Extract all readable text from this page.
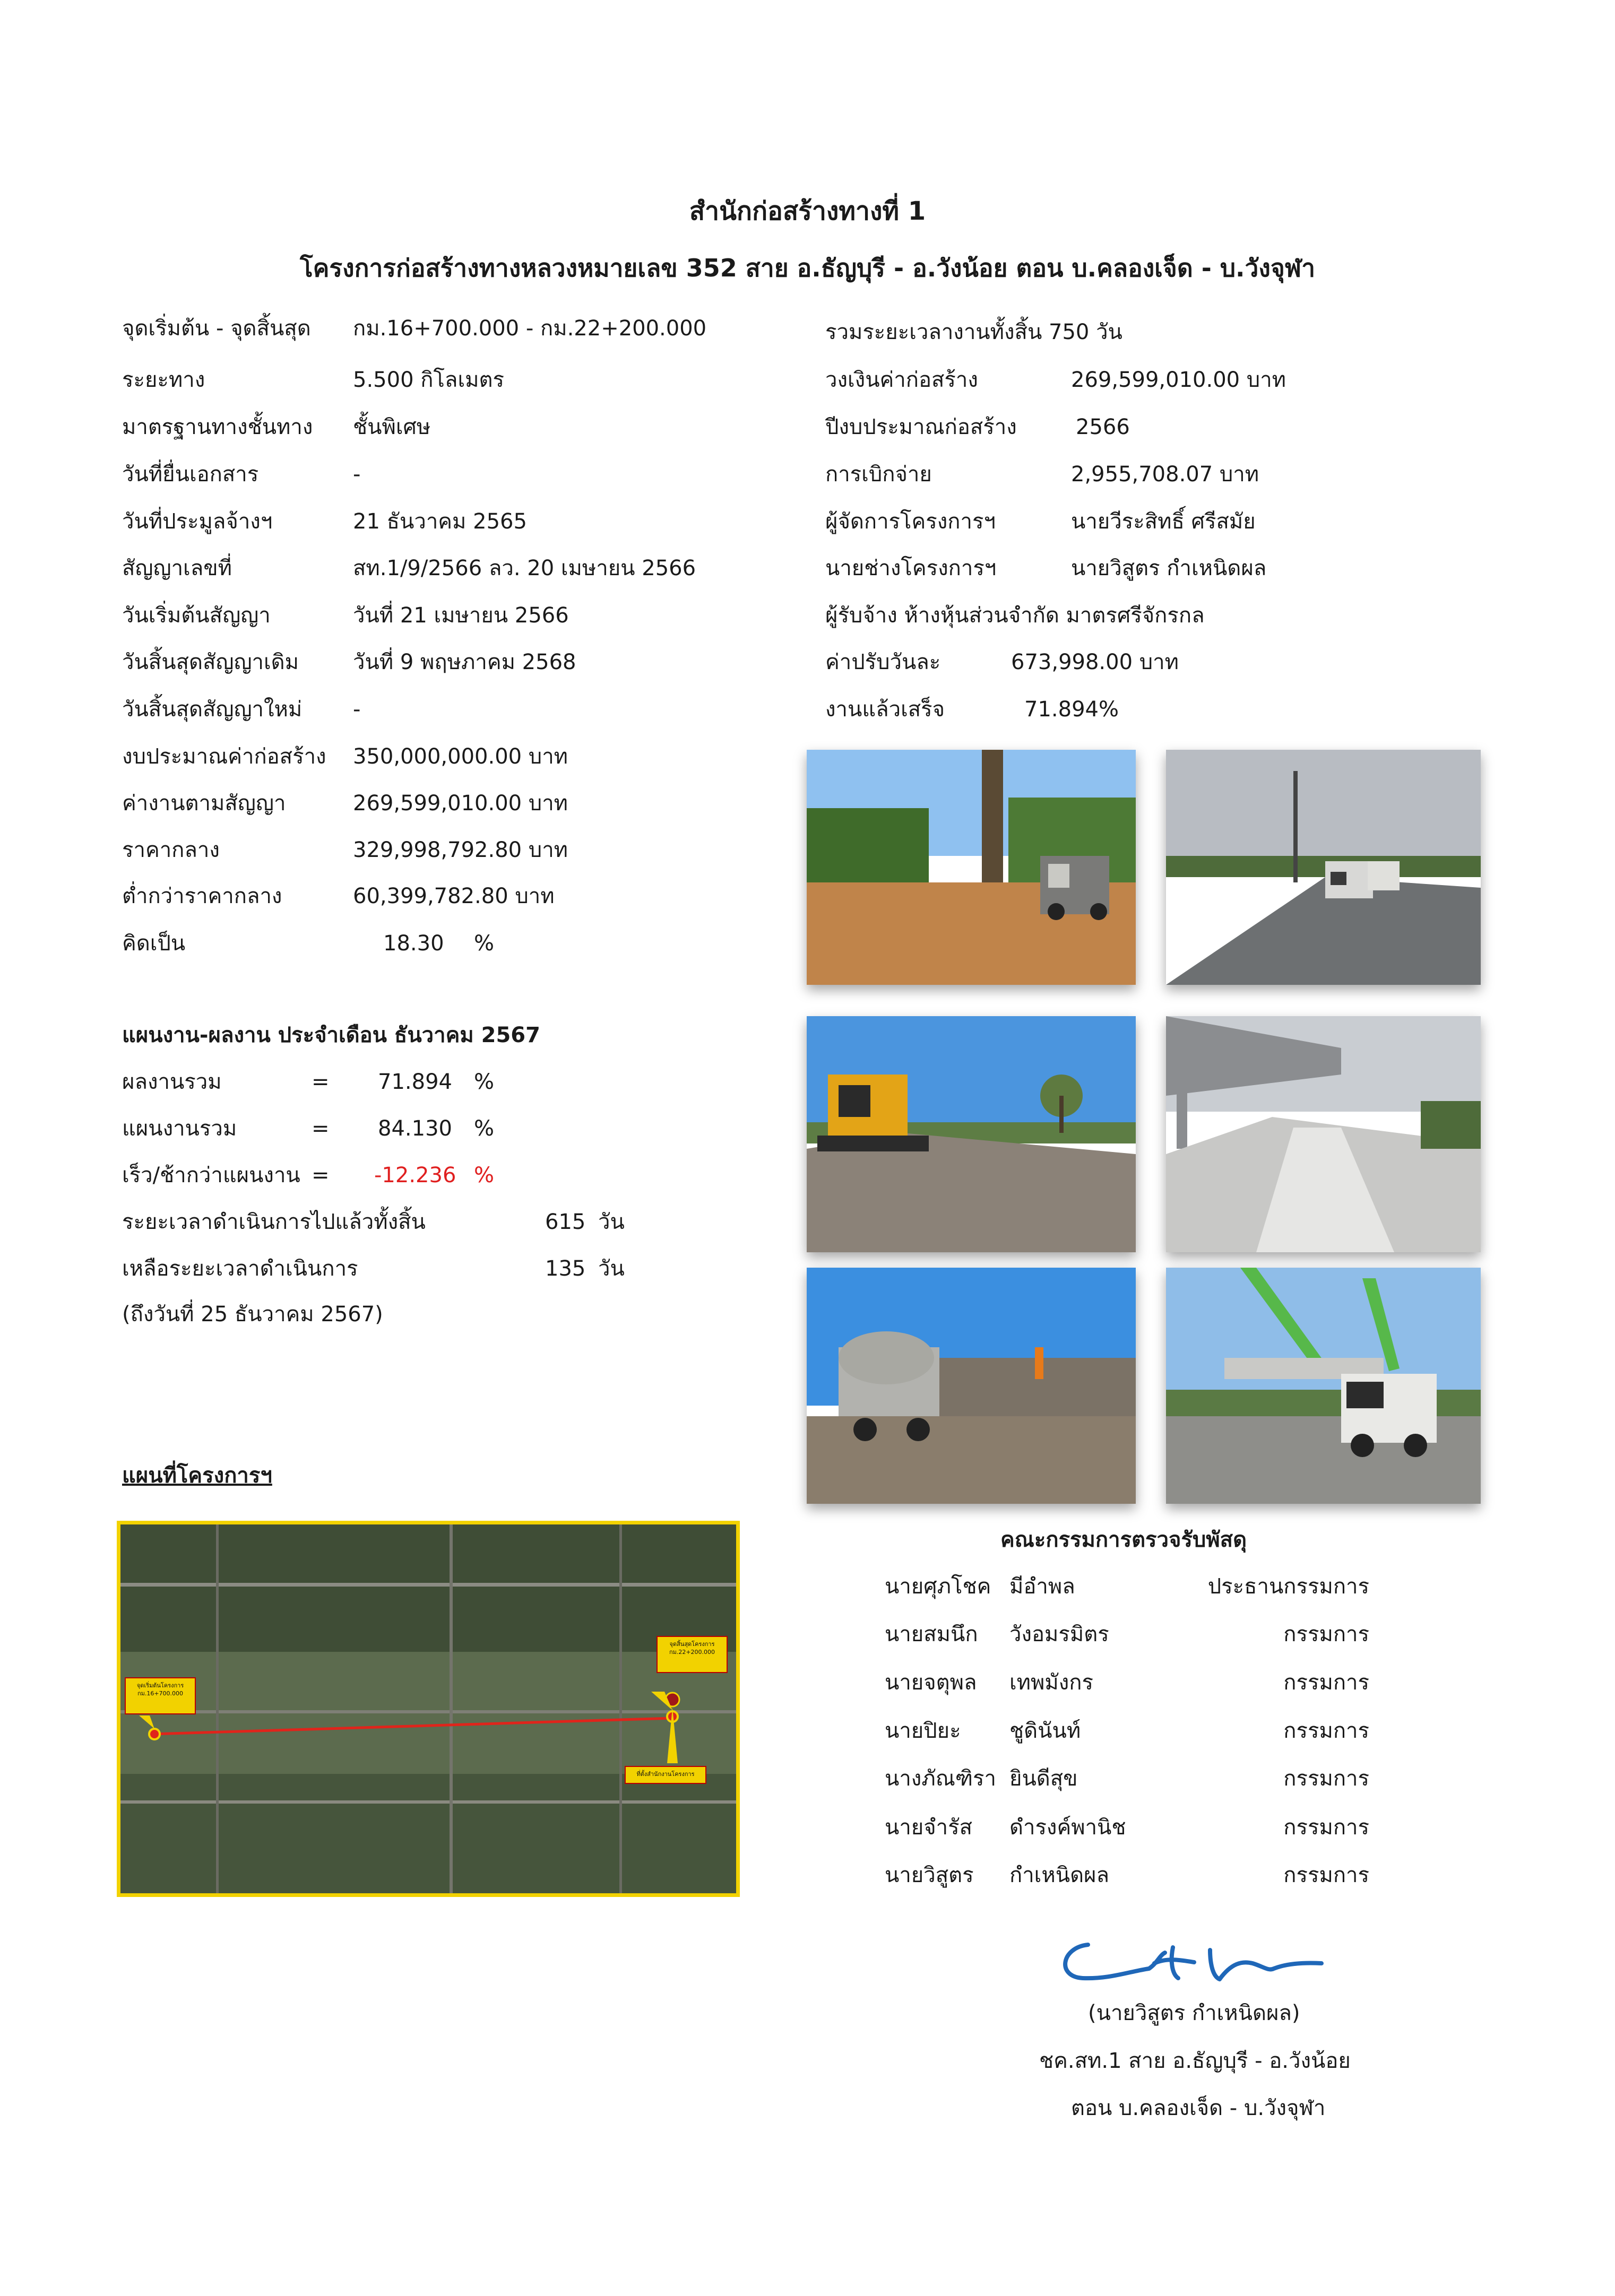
สำนักก่อสร้างทางที่ 1
โครงการก่อสร้างทางหลวงหมายเลข 352 สาย อ.ธัญบุรี - อ.วังน้อย ตอน บ.คลองเจ็ด - บ.วังจุฬา
จุดเริ่มต้น - จุดสิ้นสุด กม.16+700.000 - กม.22+200.000
ระยะทาง	5.500 กิโลเมตร
มาตรฐานทางชั้นทาง ชั้นพิเศษ
วันที่ยื่นเอกสาร	-
วันที่ประมูลจ้างฯ	21 ธันวาคม 2565
สัญญาเลขที่	สท.1/9/2566 ลว. 20 เมษายน 2566
วันเริ่มต้นสัญญา	วันที่ 21 เมษายน 2566
วันสิ้นสุดสัญญาเดิม	วันที่ 9 พฤษภาคม 2568
วันสิ้นสุดสัญญาใหม่ -
งบประมาณค่าก่อสร้าง 350,000,000.00 บาท
ค่างานตามสัญญา	269,599,010.00 บาท
ราคากลาง	329,998,792.80 บาท
ต่ำกว่าราคากลาง	60,399,782.80 บาท
คิดเป็น	18.30 %
รวมระยะเวลางานทั้งสิ้น 750 วัน
วงเงินค่าก่อสร้าง	269,599,010.00 บาท
ปีงบประมาณก่อสร้าง	2566
การเบิกจ่าย	2,955,708.07 บาท
ผู้จัดการโครงการฯ	นายวีระสิทธิ์ ศรีสมัย
นายช่างโครงการฯ	นายวิสูตร กำเหนิดผล
ผู้รับจ้าง ห้างหุ้นส่วนจำกัด มาตรศรีจักรกล
ค่าปรับวันละ	673,998.00 บาท
งานแล้วเสร็จ	71.894%
แผนงาน-ผลงาน ประจำเดือน ธันวาคม 2567
ผลงานรวม	= 71.894 %
แผนงานรวม	= 84.130 %
เร็ว/ช้ากว่าแผนงาน = -12.236 %
ระยะเวลาดำเนินการไปแล้วทั้งสิ้น	615 วัน
เหลือระยะเวลาดำเนินการ	135 วัน
(ถึงวันที่ 25 ธันวาคม 2567)
แผนที่โครงการฯ
จุดเริ่มต้นโครงการ
กม.16+700.000
จุดสิ้นสุดโครงการ
กม.22+200.000
ที่ตั้งสำนักงานโครงการ
คณะกรรมการตรวจรับพัสดุ
นายศุภโชค มีอำพล	ประธานกรรมการ
นายสมนึก วังอมรมิตร	กรรมการ
นายจตุพล เทพมังกร	กรรมการ
นายปิยะ ชูดินันท์	กรรมการ
นางภัณฑิรา ยินดีสุข	กรรมการ
นายจำรัส ดำรงค์พานิช	กรรมการ
นายวิสูตร กำเหนิดผล	กรรมการ
(นายวิสูตร กำเหนิดผล)
ชค.สท.1 สาย อ.ธัญบุรี - อ.วังน้อย
ตอน บ.คลองเจ็ด - บ.วังจุฬา
